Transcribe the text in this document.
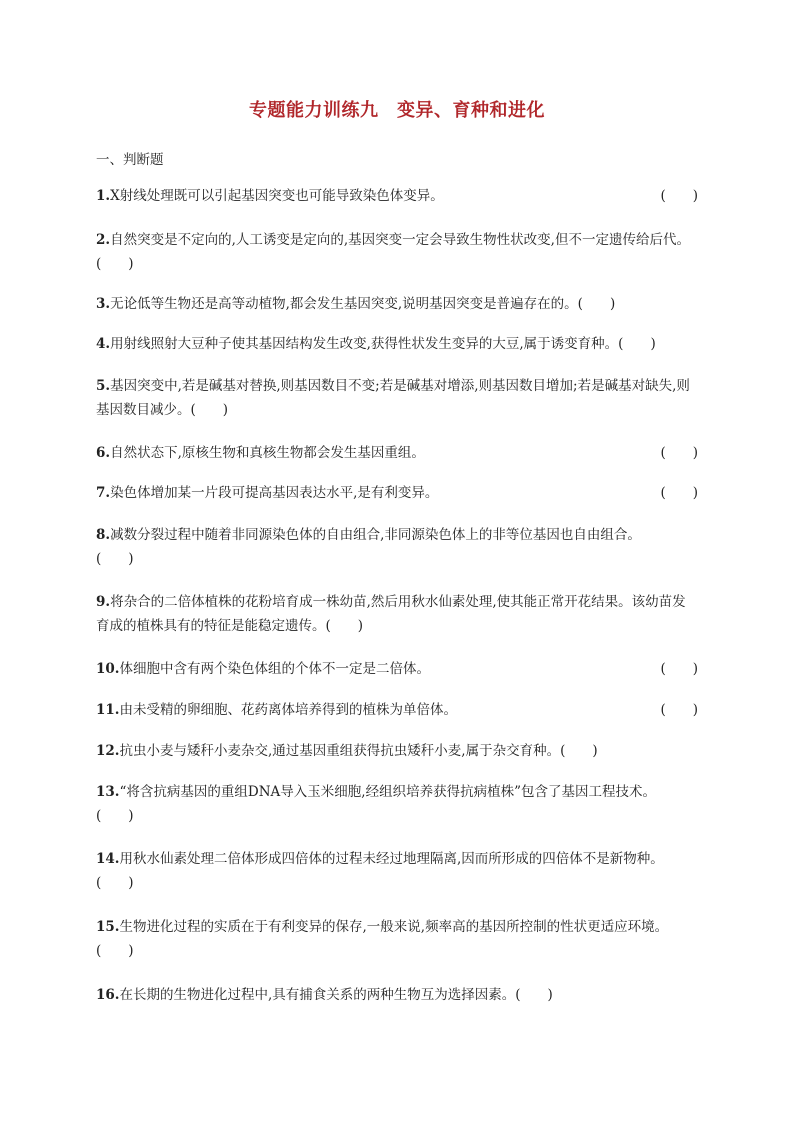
专题能力训练九　变异、育种和进化
一、判断题
1.X射线处理既可以引起基因突变也可能导致染色体变异。	(　　)
2.自然突变是不定向的,人工诱变是定向的,基因突变一定会导致生物性状改变,但不一定遗传给后代。(　　)
3.无论低等生物还是高等动植物,都会发生基因突变,说明基因突变是普遍存在的。(　　)
4.用射线照射大豆种子使其基因结构发生改变,获得性状发生变异的大豆,属于诱变育种。(　　)
5.基因突变中,若是碱基对替换,则基因数目不变;若是碱基对增添,则基因数目增加;若是碱基对缺失,则基因数目减少。(　　)
6.自然状态下,原核生物和真核生物都会发生基因重组。	(　　)
7.染色体增加某一片段可提高基因表达水平,是有利变异。	(　　)
8.减数分裂过程中随着非同源染色体的自由组合,非同源染色体上的非等位基因也自由组合。
(　　)
9.将杂合的二倍体植株的花粉培育成一株幼苗,然后用秋水仙素处理,使其能正常开花结果。该幼苗发育成的植株具有的特征是能稳定遗传。(　　)
10.体细胞中含有两个染色体组的个体不一定是二倍体。	(　　)
11.由未受精的卵细胞、花药离体培养得到的植株为单倍体。	(　　)
12.抗虫小麦与矮秆小麦杂交,通过基因重组获得抗虫矮秆小麦,属于杂交育种。(　　)
13.“将含抗病基因的重组DNA导入玉米细胞,经组织培养获得抗病植株”包含了基因工程技术。
(　　)
14.用秋水仙素处理二倍体形成四倍体的过程未经过地理隔离,因而所形成的四倍体不是新物种。
(　　)
15.生物进化过程的实质在于有利变异的保存,一般来说,频率高的基因所控制的性状更适应环境。
(　　)
16.在长期的生物进化过程中,具有捕食关系的两种生物互为选择因素。(　　)
